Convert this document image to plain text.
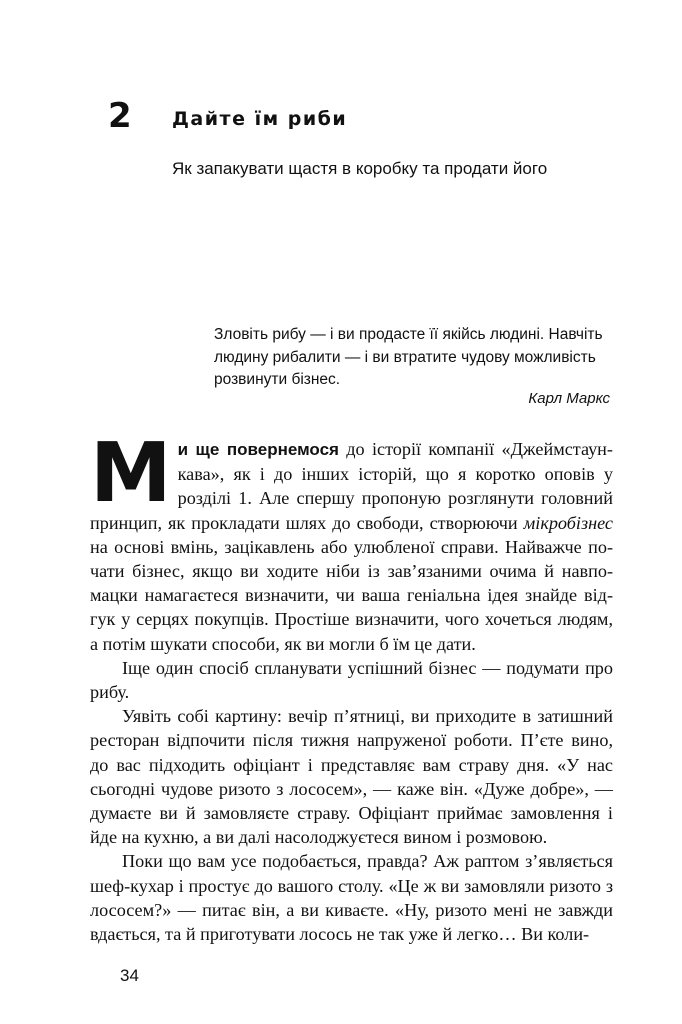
2 Дайте їм риби
Як запакувати щастя в коробку та продати його
Зловіть рибу — і ви продасте її якійсь людині. Навчіть людину рибалити — і ви втратите чудову можливість розвинути бізнес.
Карл Маркс

Ми ще повернемося до історії компанії «Джеймстаун-кава», як і до інших історій, що я коротко оповів у розділі 1. Але спершу пропоную розглянути головний принцип, як прокладати шлях до свободи, створюючи мікробізнес на основі вмінь, зацікавлень або улюбленої справи. Найважче почати бізнес, якщо ви ходите ніби із зав’язаними очима й навпомацки намагаєтеся визначити, чи ваша геніальна ідея знайде відгук у серцях покупців. Простіше визначити, чого хочеться людям, а потім шукати способи, як ви могли б їм це дати.

Іще один спосіб спланувати успішний бізнес — подумати про рибу.

Уявіть собі картину: вечір п’ятниці, ви приходите в затишний ресторан відпочити після тижня напруженої роботи. П’єте вино, до вас підходить офіціант і представляє вам страву дня. «У нас сьогодні чудове ризото з лососем», — каже він. «Дуже добре», — думаєте ви й замовляєте страву. Офіціант приймає замовлення і йде на кухню, а ви далі насолоджуєтеся вином і розмовою.

Поки що вам усе подобається, правда? Аж раптом з’являється шеф-кухар і простує до вашого столу. «Це ж ви замовляли ризото з лососем?» — питає він, а ви киваєте. «Ну, ризото мені не завжди вдається, та й приготувати лосось не так уже й легко… Ви коли-

34
